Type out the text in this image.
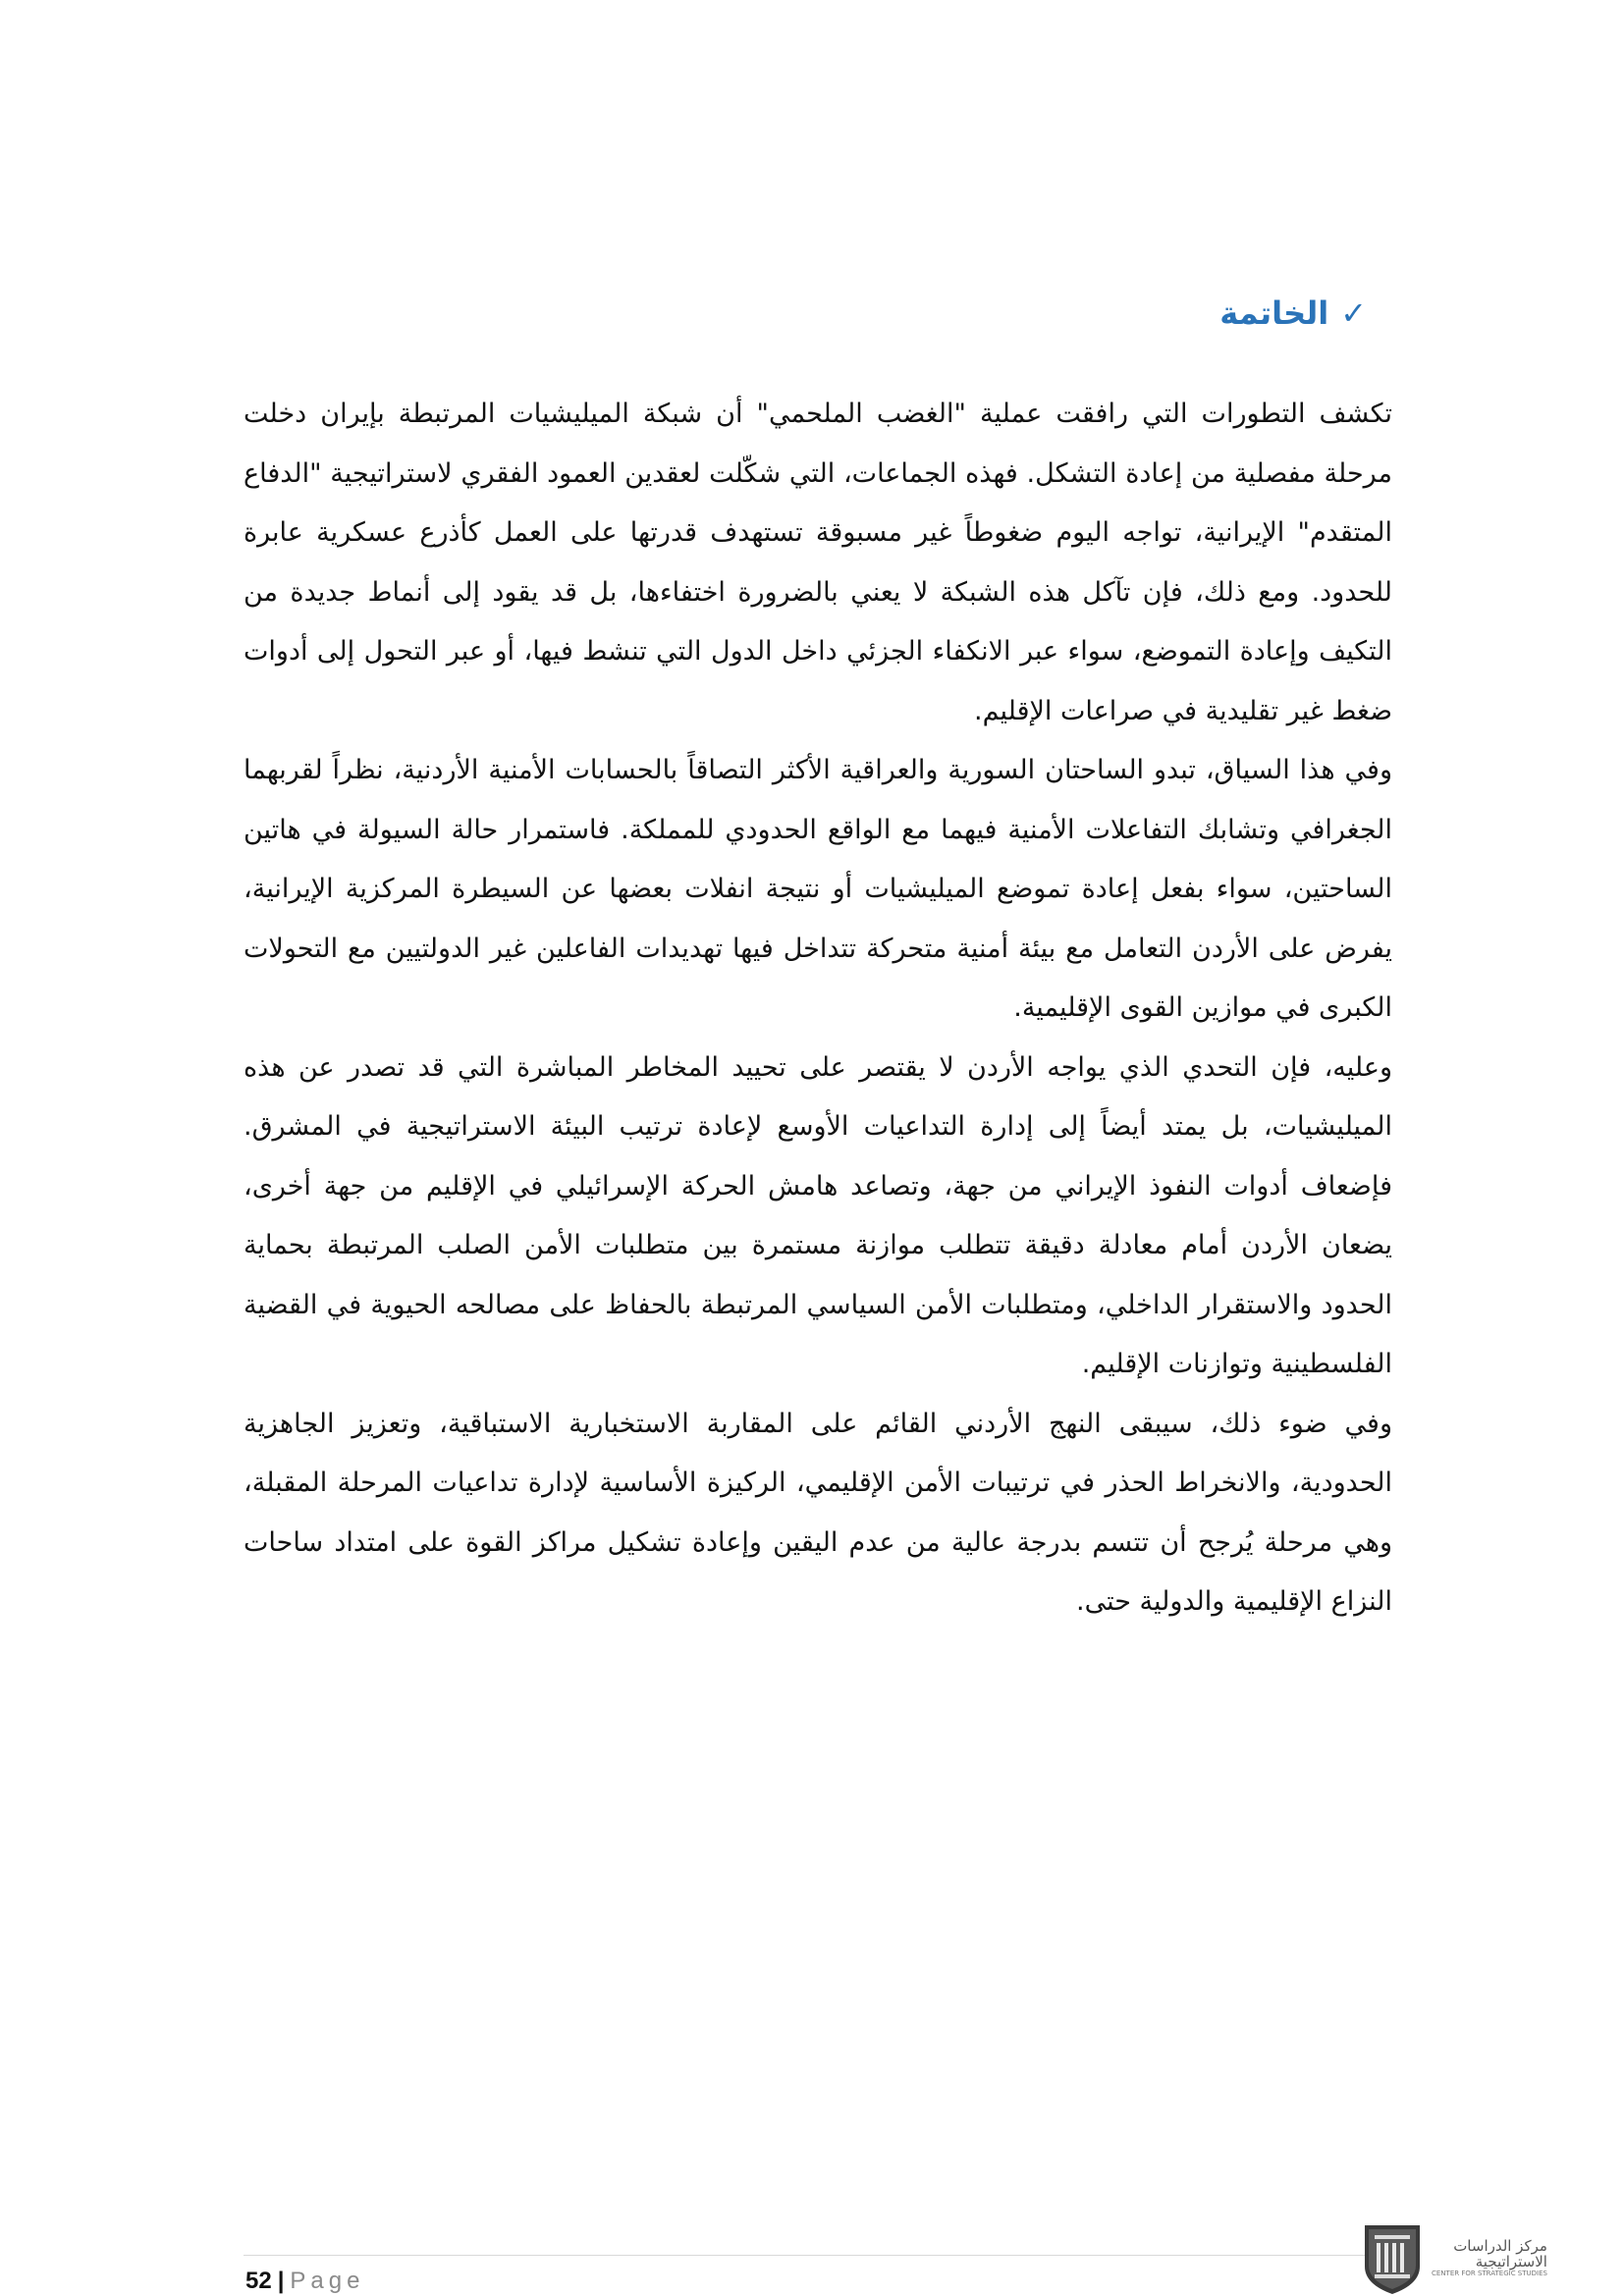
✓
الخاتمة

تكشف التطورات التي رافقت عملية "الغضب الملحمي" أن شبكة الميليشيات المرتبطة بإيران دخلت مرحلة مفصلية من إعادة التشكل. فهذه الجماعات، التي شكّلت لعقدين العمود الفقري لاستراتيجية "الدفاع المتقدم" الإيرانية، تواجه اليوم ضغوطاً غير مسبوقة تستهدف قدرتها على العمل كأذرع عسكرية عابرة للحدود. ومع ذلك، فإن تآكل هذه الشبكة لا يعني بالضرورة اختفاءها، بل قد يقود إلى أنماط جديدة من التكيف وإعادة التموضع، سواء عبر الانكفاء الجزئي داخل الدول التي تنشط فيها، أو عبر التحول إلى أدوات ضغط غير تقليدية في صراعات الإقليم.

وفي هذا السياق، تبدو الساحتان السورية والعراقية الأكثر التصاقاً بالحسابات الأمنية الأردنية، نظراً لقربهما الجغرافي وتشابك التفاعلات الأمنية فيهما مع الواقع الحدودي للمملكة. فاستمرار حالة السيولة في هاتين الساحتين، سواء بفعل إعادة تموضع الميليشيات أو نتيجة انفلات بعضها عن السيطرة المركزية الإيرانية، يفرض على الأردن التعامل مع بيئة أمنية متحركة تتداخل فيها تهديدات الفاعلين غير الدولتيين مع التحولات الكبرى في موازين القوى الإقليمية.

وعليه، فإن التحدي الذي يواجه الأردن لا يقتصر على تحييد المخاطر المباشرة التي قد تصدر عن هذه الميليشيات، بل يمتد أيضاً إلى إدارة التداعيات الأوسع لإعادة ترتيب البيئة الاستراتيجية في المشرق. فإضعاف أدوات النفوذ الإيراني من جهة، وتصاعد هامش الحركة الإسرائيلي في الإقليم من جهة أخرى، يضعان الأردن أمام معادلة دقيقة تتطلب موازنة مستمرة بين متطلبات الأمن الصلب المرتبطة بحماية الحدود والاستقرار الداخلي، ومتطلبات الأمن السياسي المرتبطة بالحفاظ على مصالحه الحيوية في القضية الفلسطينية وتوازنات الإقليم.

وفي ضوء ذلك، سيبقى النهج الأردني القائم على المقاربة الاستخبارية الاستباقية، وتعزيز الجاهزية الحدودية، والانخراط الحذر في ترتيبات الأمن الإقليمي، الركيزة الأساسية لإدارة تداعيات المرحلة المقبلة، وهي مرحلة يُرجح أن تتسم بدرجة عالية من عدم اليقين وإعادة تشكيل مراكز القوة على امتداد ساحات النزاع الإقليمية والدولية حتى.

52 | Page
مركز الدراسات
الاستراتيجية
CENTER FOR STRATEGIC STUDIES
